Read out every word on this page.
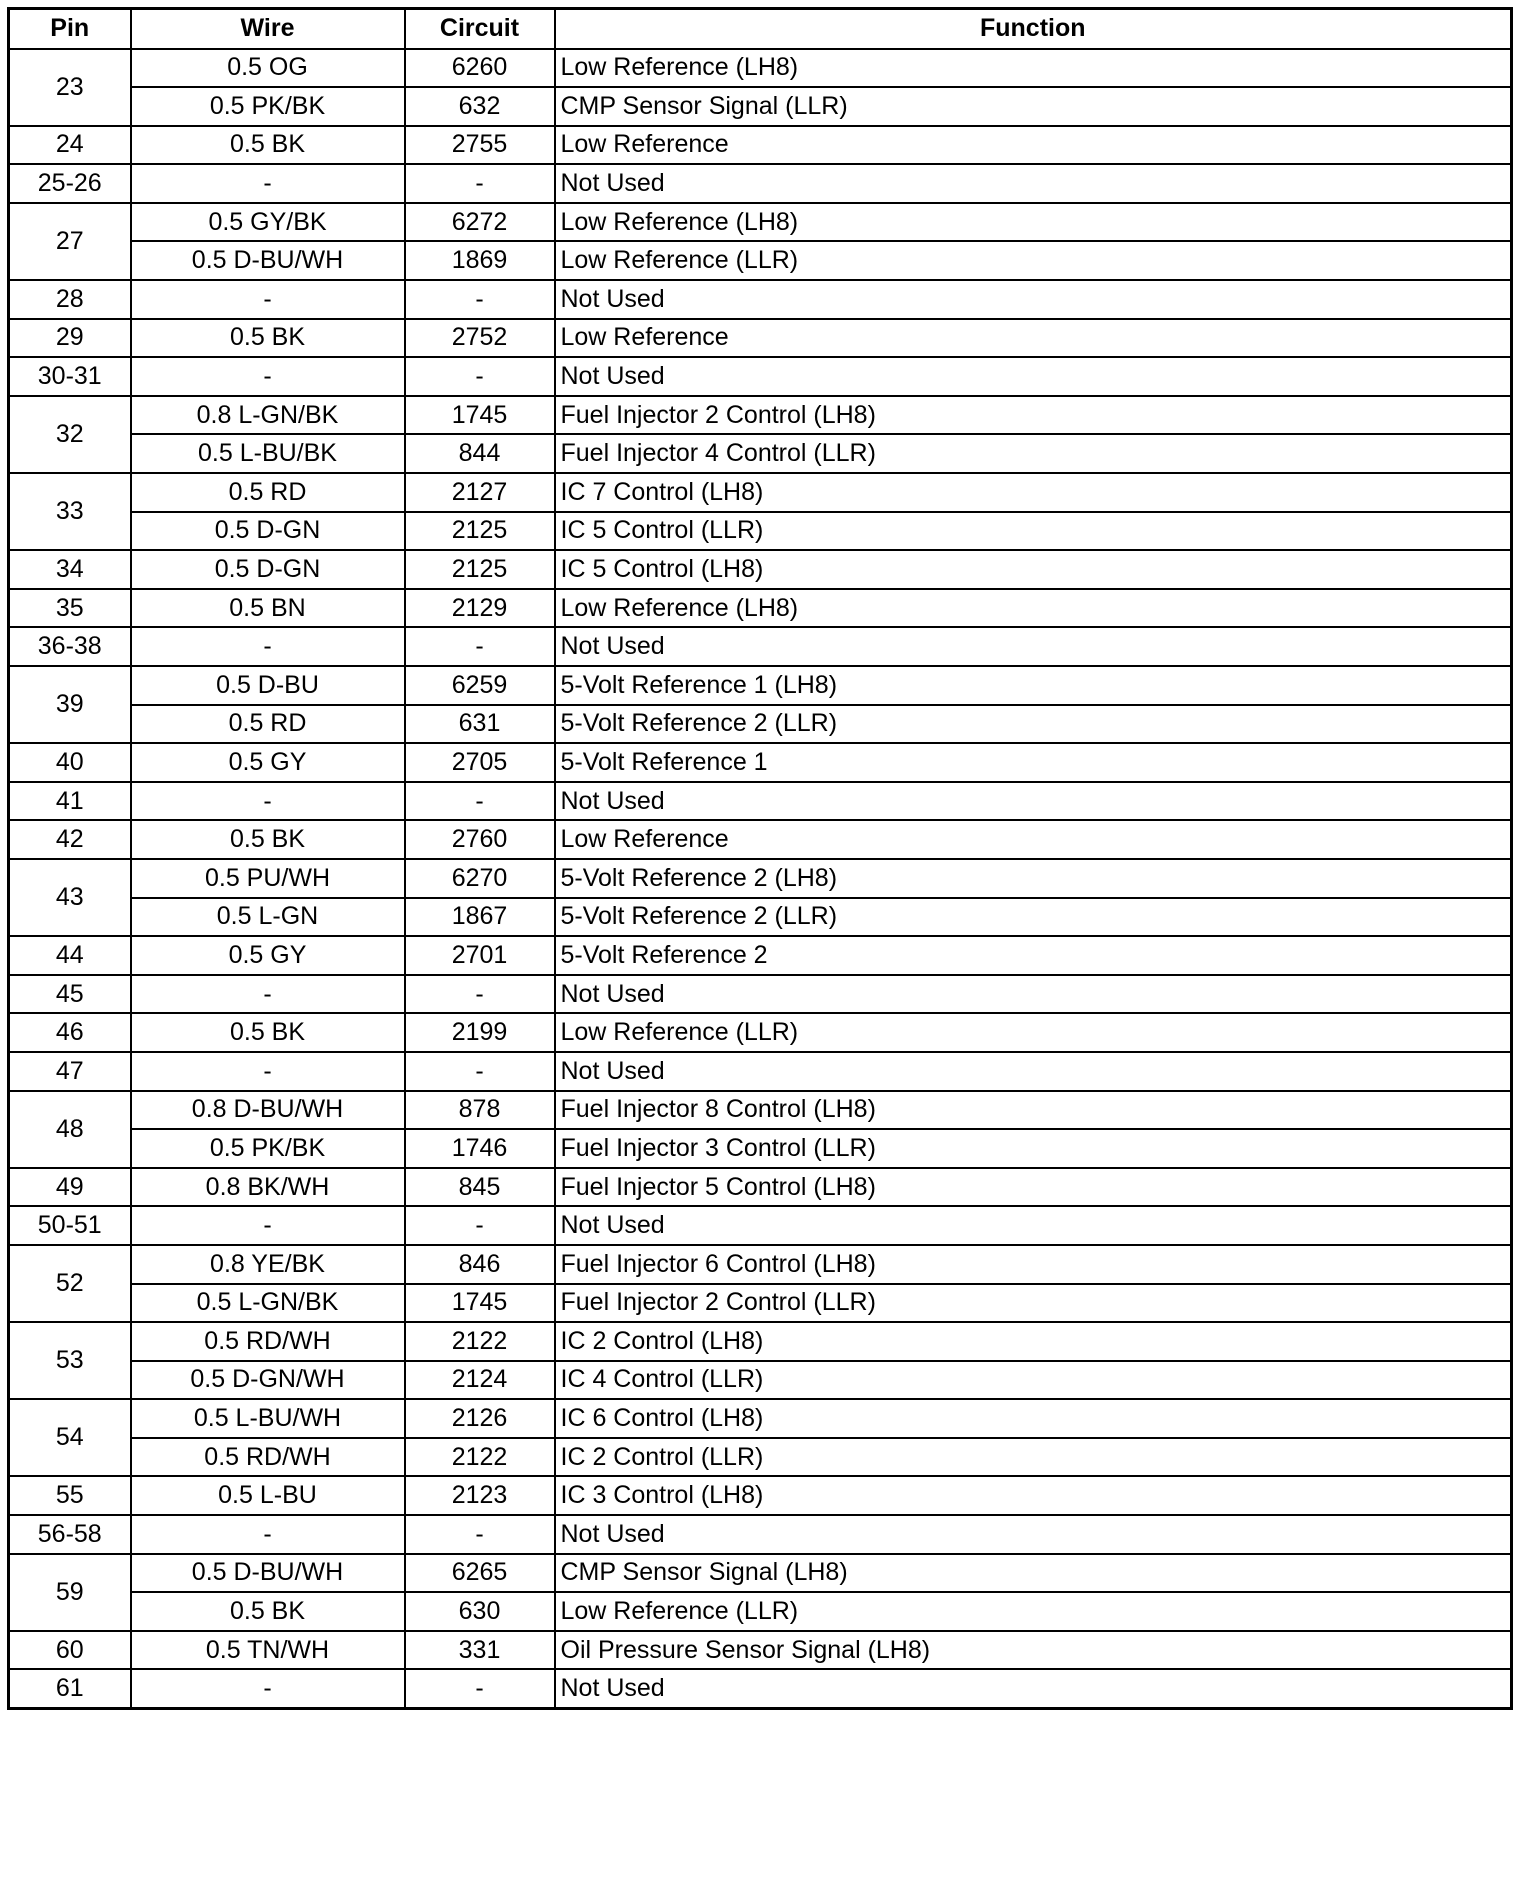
Pin	Wire	Circuit	Function
23	0.5 OG	6260	Low Reference (LH8)
	0.5 PK/BK	632	CMP Sensor Signal (LLR)
24	0.5 BK	2755	Low Reference
25-26	-	-	Not Used
27	0.5 GY/BK	6272	Low Reference (LH8)
	0.5 D-BU/WH	1869	Low Reference (LLR)
28	-	-	Not Used
29	0.5 BK	2752	Low Reference
30-31	-	-	Not Used
32	0.8 L-GN/BK	1745	Fuel Injector 2 Control (LH8)
	0.5 L-BU/BK	844	Fuel Injector 4 Control (LLR)
33	0.5 RD	2127	IC 7 Control (LH8)
	0.5 D-GN	2125	IC 5 Control (LLR)
34	0.5 D-GN	2125	IC 5 Control (LH8)
35	0.5 BN	2129	Low Reference (LH8)
36-38	-	-	Not Used
39	0.5 D-BU	6259	5-Volt Reference 1 (LH8)
	0.5 RD	631	5-Volt Reference 2 (LLR)
40	0.5 GY	2705	5-Volt Reference 1
41	-	-	Not Used
42	0.5 BK	2760	Low Reference
43	0.5 PU/WH	6270	5-Volt Reference 2 (LH8)
	0.5 L-GN	1867	5-Volt Reference 2 (LLR)
44	0.5 GY	2701	5-Volt Reference 2
45	-	-	Not Used
46	0.5 BK	2199	Low Reference (LLR)
47	-	-	Not Used
48	0.8 D-BU/WH	878	Fuel Injector 8 Control (LH8)
	0.5 PK/BK	1746	Fuel Injector 3 Control (LLR)
49	0.8 BK/WH	845	Fuel Injector 5 Control (LH8)
50-51	-	-	Not Used
52	0.8 YE/BK	846	Fuel Injector 6 Control (LH8)
	0.5 L-GN/BK	1745	Fuel Injector 2 Control (LLR)
53	0.5 RD/WH	2122	IC 2 Control (LH8)
	0.5 D-GN/WH	2124	IC 4 Control (LLR)
54	0.5 L-BU/WH	2126	IC 6 Control (LH8)
	0.5 RD/WH	2122	IC 2 Control (LLR)
55	0.5 L-BU	2123	IC 3 Control (LH8)
56-58	-	-	Not Used
59	0.5 D-BU/WH	6265	CMP Sensor Signal (LH8)
	0.5 BK	630	Low Reference (LLR)
60	0.5 TN/WH	331	Oil Pressure Sensor Signal (LH8)
61	-	-	Not Used
